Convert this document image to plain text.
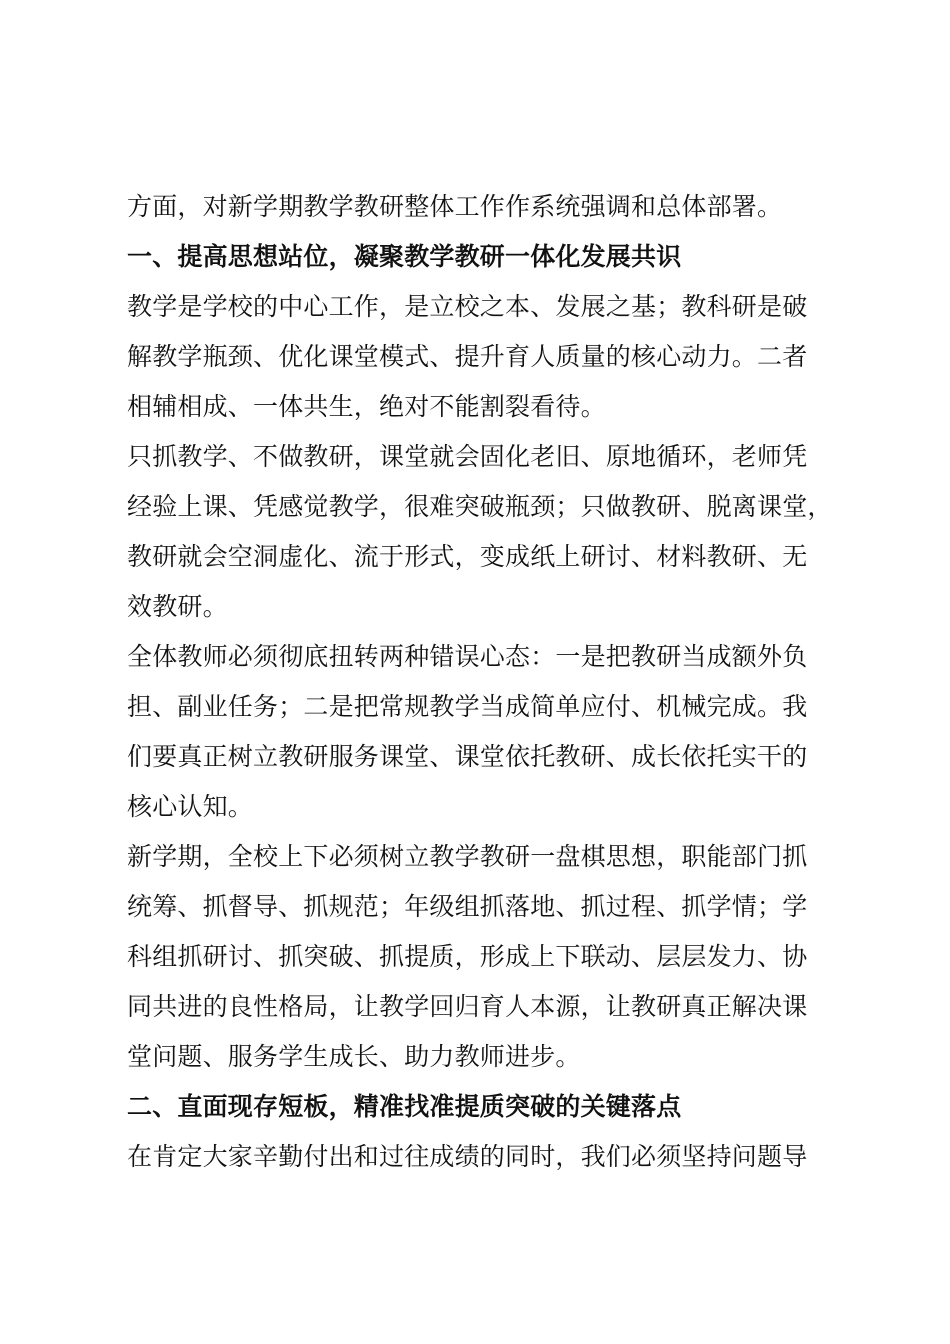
方面，对新学期教学教研整体工作作系统强调和总体部署。
一、提高思想站位，凝聚教学教研一体化发展共识
教学是学校的中心工作，是立校之本、发展之基；教科研是破
解教学瓶颈、优化课堂模式、提升育人质量的核心动力。二者
相辅相成、一体共生，绝对不能割裂看待。
只抓教学、不做教研，课堂就会固化老旧、原地循环，老师凭
经验上课、凭感觉教学，很难突破瓶颈；只做教研、脱离课堂，
教研就会空洞虚化、流于形式，变成纸上研讨、材料教研、无
效教研。
全体教师必须彻底扭转两种错误心态：一是把教研当成额外负
担、副业任务；二是把常规教学当成简单应付、机械完成。我
们要真正树立教研服务课堂、课堂依托教研、成长依托实干的
核心认知。
新学期，全校上下必须树立教学教研一盘棋思想，职能部门抓
统筹、抓督导、抓规范；年级组抓落地、抓过程、抓学情；学
科组抓研讨、抓突破、抓提质，形成上下联动、层层发力、协
同共进的良性格局，让教学回归育人本源，让教研真正解决课
堂问题、服务学生成长、助力教师进步。
二、直面现存短板，精准找准提质突破的关键落点
在肯定大家辛勤付出和过往成绩的同时，我们必须坚持问题导
